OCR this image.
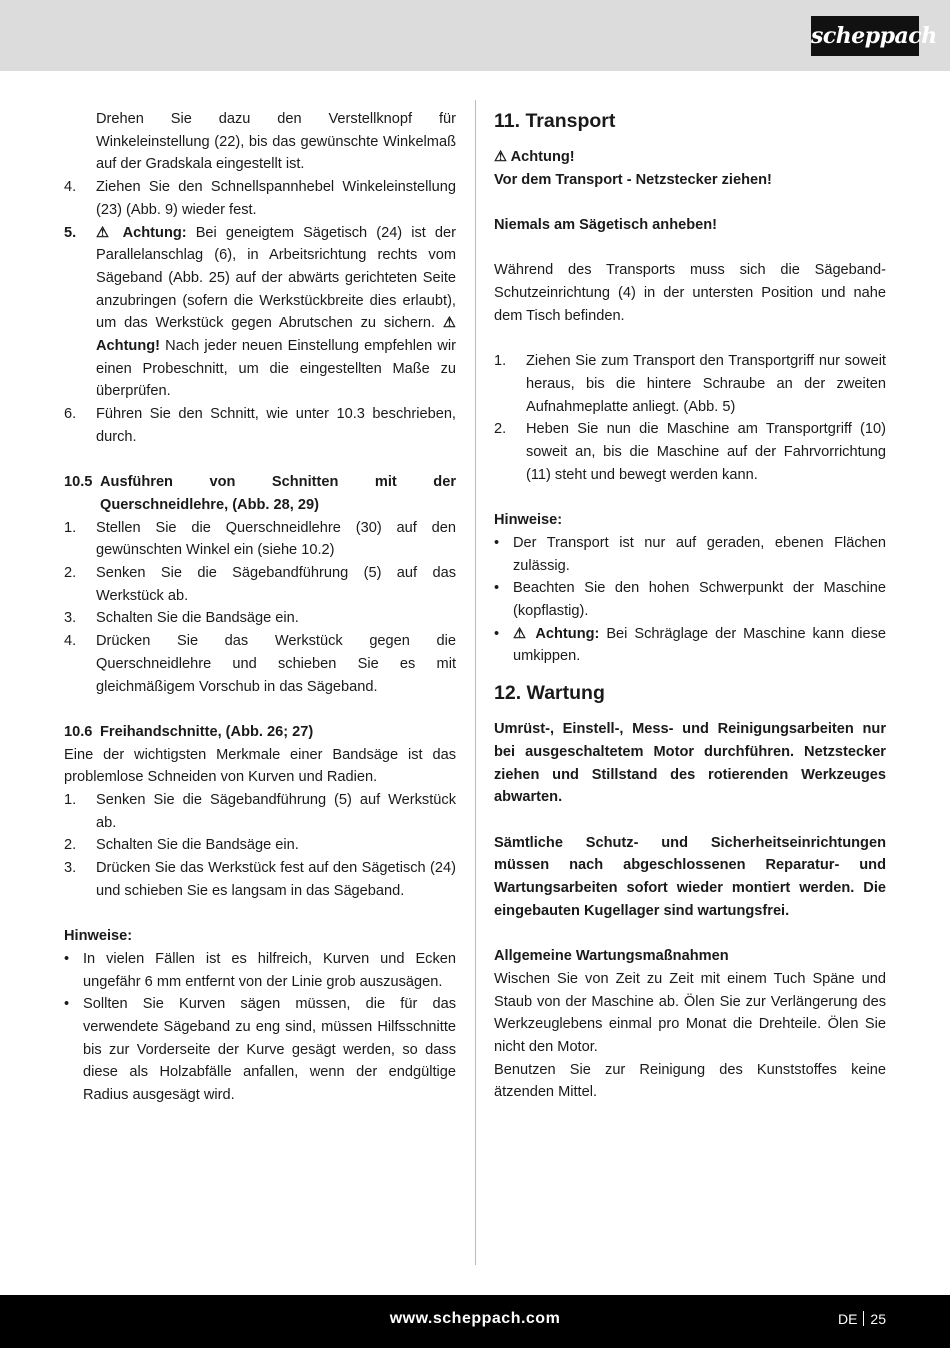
scheppach

Drehen Sie dazu den Verstellknopf für Winkeleinstellung (22), bis das gewünschte Winkelmaß auf der Gradskala eingestellt ist.

4.	Ziehen Sie den Schnellspannhebel Winkeleinstellung (23) (Abb. 9) wieder fest.
5.	⚠ Achtung: Bei geneigtem Sägetisch (24) ist der Parallelanschlag (6), in Arbeitsrichtung rechts vom Sägeband (Abb. 25) auf der abwärts gerichteten Seite anzubringen (sofern die Werkstückbreite dies erlaubt), um das Werkstück gegen Abrutschen zu sichern. ⚠ Achtung! Nach jeder neuen Einstellung empfehlen wir einen Probeschnitt, um die eingestellten Maße zu überprüfen.
6.	Führen Sie den Schnitt, wie unter 10.3 beschrieben, durch.
10.5 Ausführen von Schnitten mit der Querschneidlehre, (Abb. 28, 29)
1.	Stellen Sie die Querschneidlehre (30) auf den gewünschten Winkel ein (siehe 10.2)
2.	Senken Sie die Sägebandführung (5) auf das Werkstück ab.
3.	Schalten Sie die Bandsäge ein.
4.	Drücken Sie das Werkstück gegen die Querschneidlehre und schieben Sie es mit gleichmäßigem Vorschub in das Sägeband.
10.6 Freihandschnitte, (Abb. 26; 27)

Eine der wichtigsten Merkmale einer Bandsäge ist das problemlose Schneiden von Kurven und Radien.

1.	Senken Sie die Sägebandführung (5) auf Werkstück ab.
2.	Schalten Sie die Bandsäge ein.
3.	Drücken Sie das Werkstück fest auf den Sägetisch (24) und schieben Sie es langsam in das Sägeband.

Hinweise:

• In vielen Fällen ist es hilfreich, Kurven und Ecken ungefähr 6 mm entfernt von der Linie grob auszusägen.
• Sollten Sie Kurven sägen müssen, die für das verwendete Sägeband zu eng sind, müssen Hilfsschnitte bis zur Vorderseite der Kurve gesägt werden, so dass diese als Holzabfälle anfallen, wenn der endgültige Radius ausgesägt wird.
11. Transport

⚠ Achtung!

Vor dem Transport - Netzstecker ziehen!

Niemals am Sägetisch anheben!

Während des Transports muss sich die Sägeband-Schutzeinrichtung (4) in der untersten Position und nahe dem Tisch befinden.

1.	Ziehen Sie zum Transport den Transportgriff nur soweit heraus, bis die hintere Schraube an der zweiten Aufnahmeplatte anliegt. (Abb. 5)
2.	Heben Sie nun die Maschine am Transportgriff (10) soweit an, bis die Maschine auf der Fahrvorrichtung (11) steht und bewegt werden kann.

Hinweise:

• Der Transport ist nur auf geraden, ebenen Flächen zulässig.
• Beachten Sie den hohen Schwerpunkt der Maschine (kopflastig).
• ⚠ Achtung: Bei Schräglage der Maschine kann diese umkippen.
12. Wartung

Umrüst-, Einstell-, Mess- und Reinigungsarbeiten nur bei ausgeschaltetem Motor durchführen. Netzstecker ziehen und Stillstand des rotierenden Werkzeuges abwarten.

Sämtliche Schutz- und Sicherheitseinrichtungen müssen nach abgeschlossenen Reparatur- und Wartungsarbeiten sofort wieder montiert werden. Die eingebauten Kugellager sind wartungsfrei.

Allgemeine Wartungsmaßnahmen

Wischen Sie von Zeit zu Zeit mit einem Tuch Späne und Staub von der Maschine ab. Ölen Sie zur Verlängerung des Werkzeuglebens einmal pro Monat die Drehteile. Ölen Sie nicht den Motor.

Benutzen Sie zur Reinigung des Kunststoffes keine ätzenden Mittel.

www.scheppach.com	DE 25
